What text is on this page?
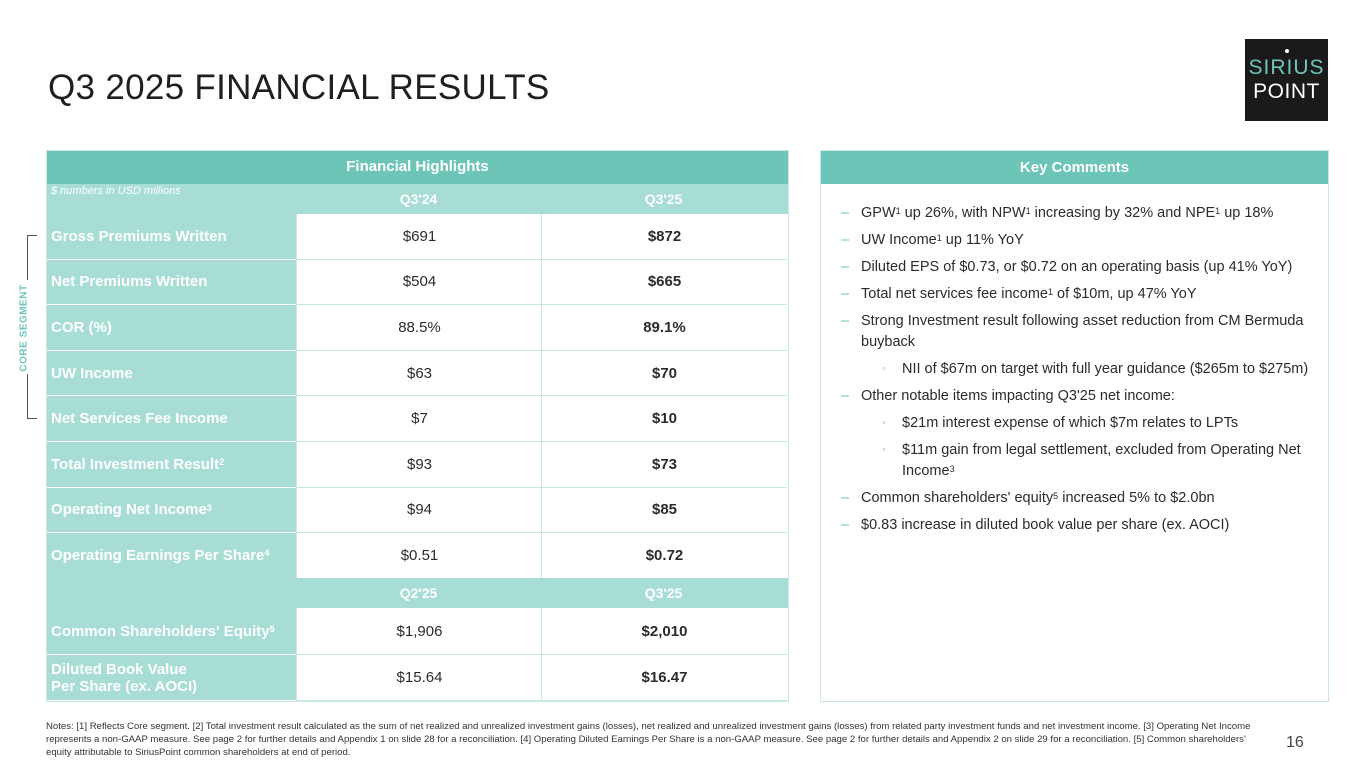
Q3 2025 FINANCIAL RESULTS
SIRIUS
POINT
CORE SEGMENT
Financial Highlights
$ numbers in USD millions	Q3'24	Q3'25
Gross Premiums Written	$691	$872
Net Premiums Written	$504	$665
COR (%)	88.5%	89.1%
UW Income	$63	$70
Net Services Fee Income	$7	$10
Total Investment Result$^2$	$93	$73
Operating Net Income$^3$	$94	$85
Operating Earnings Per Share$^4$	$0.51	$0.72
Q2'25	Q3'25
Common Shareholders' Equity$^5$	$1,906	$2,010
Diluted Book Value
Per Share (ex. AOCI)	$15.64	$16.47
Key Comments
– GPW$^1$ up 26%, with NPW$^1$ increasing by 32% and NPE$^1$ up 18%
– UW Income$^1$ up 11% YoY
– Diluted EPS of $0.73, or $0.72 on an operating basis (up 41% YoY)
– Total net services fee income$^1$ of $10m, up 47% YoY
– Strong Investment result following asset reduction from CM Bermuda buyback
◦ NII of $67m on target with full year guidance ($265m to $275m)
– Other notable items impacting Q3'25 net income:
◦ $21m interest expense of which $7m relates to LPTs
◦ $11m gain from legal settlement, excluded from Operating Net Income$^3$
– Common shareholders' equity$^5$ increased 5% to $2.0bn
– $0.83 increase in diluted book value per share (ex. AOCI)
Notes: [1] Reflects Core segment. [2] Total investment result calculated as the sum of net realized and unrealized investment gains (losses), net realized and unrealized investment gains (losses) from related party investment funds and net investment income. [3] Operating Net Income represents a non-GAAP measure. See page 2 for further details and Appendix 1 on slide 28 for a reconciliation. [4] Operating Diluted Earnings Per Share is a non-GAAP measure. See page 2 for further details and Appendix 2 on slide 29 for a reconciliation. [5] Common shareholders' equity attributable to SiriusPoint common shareholders at end of period.
16
